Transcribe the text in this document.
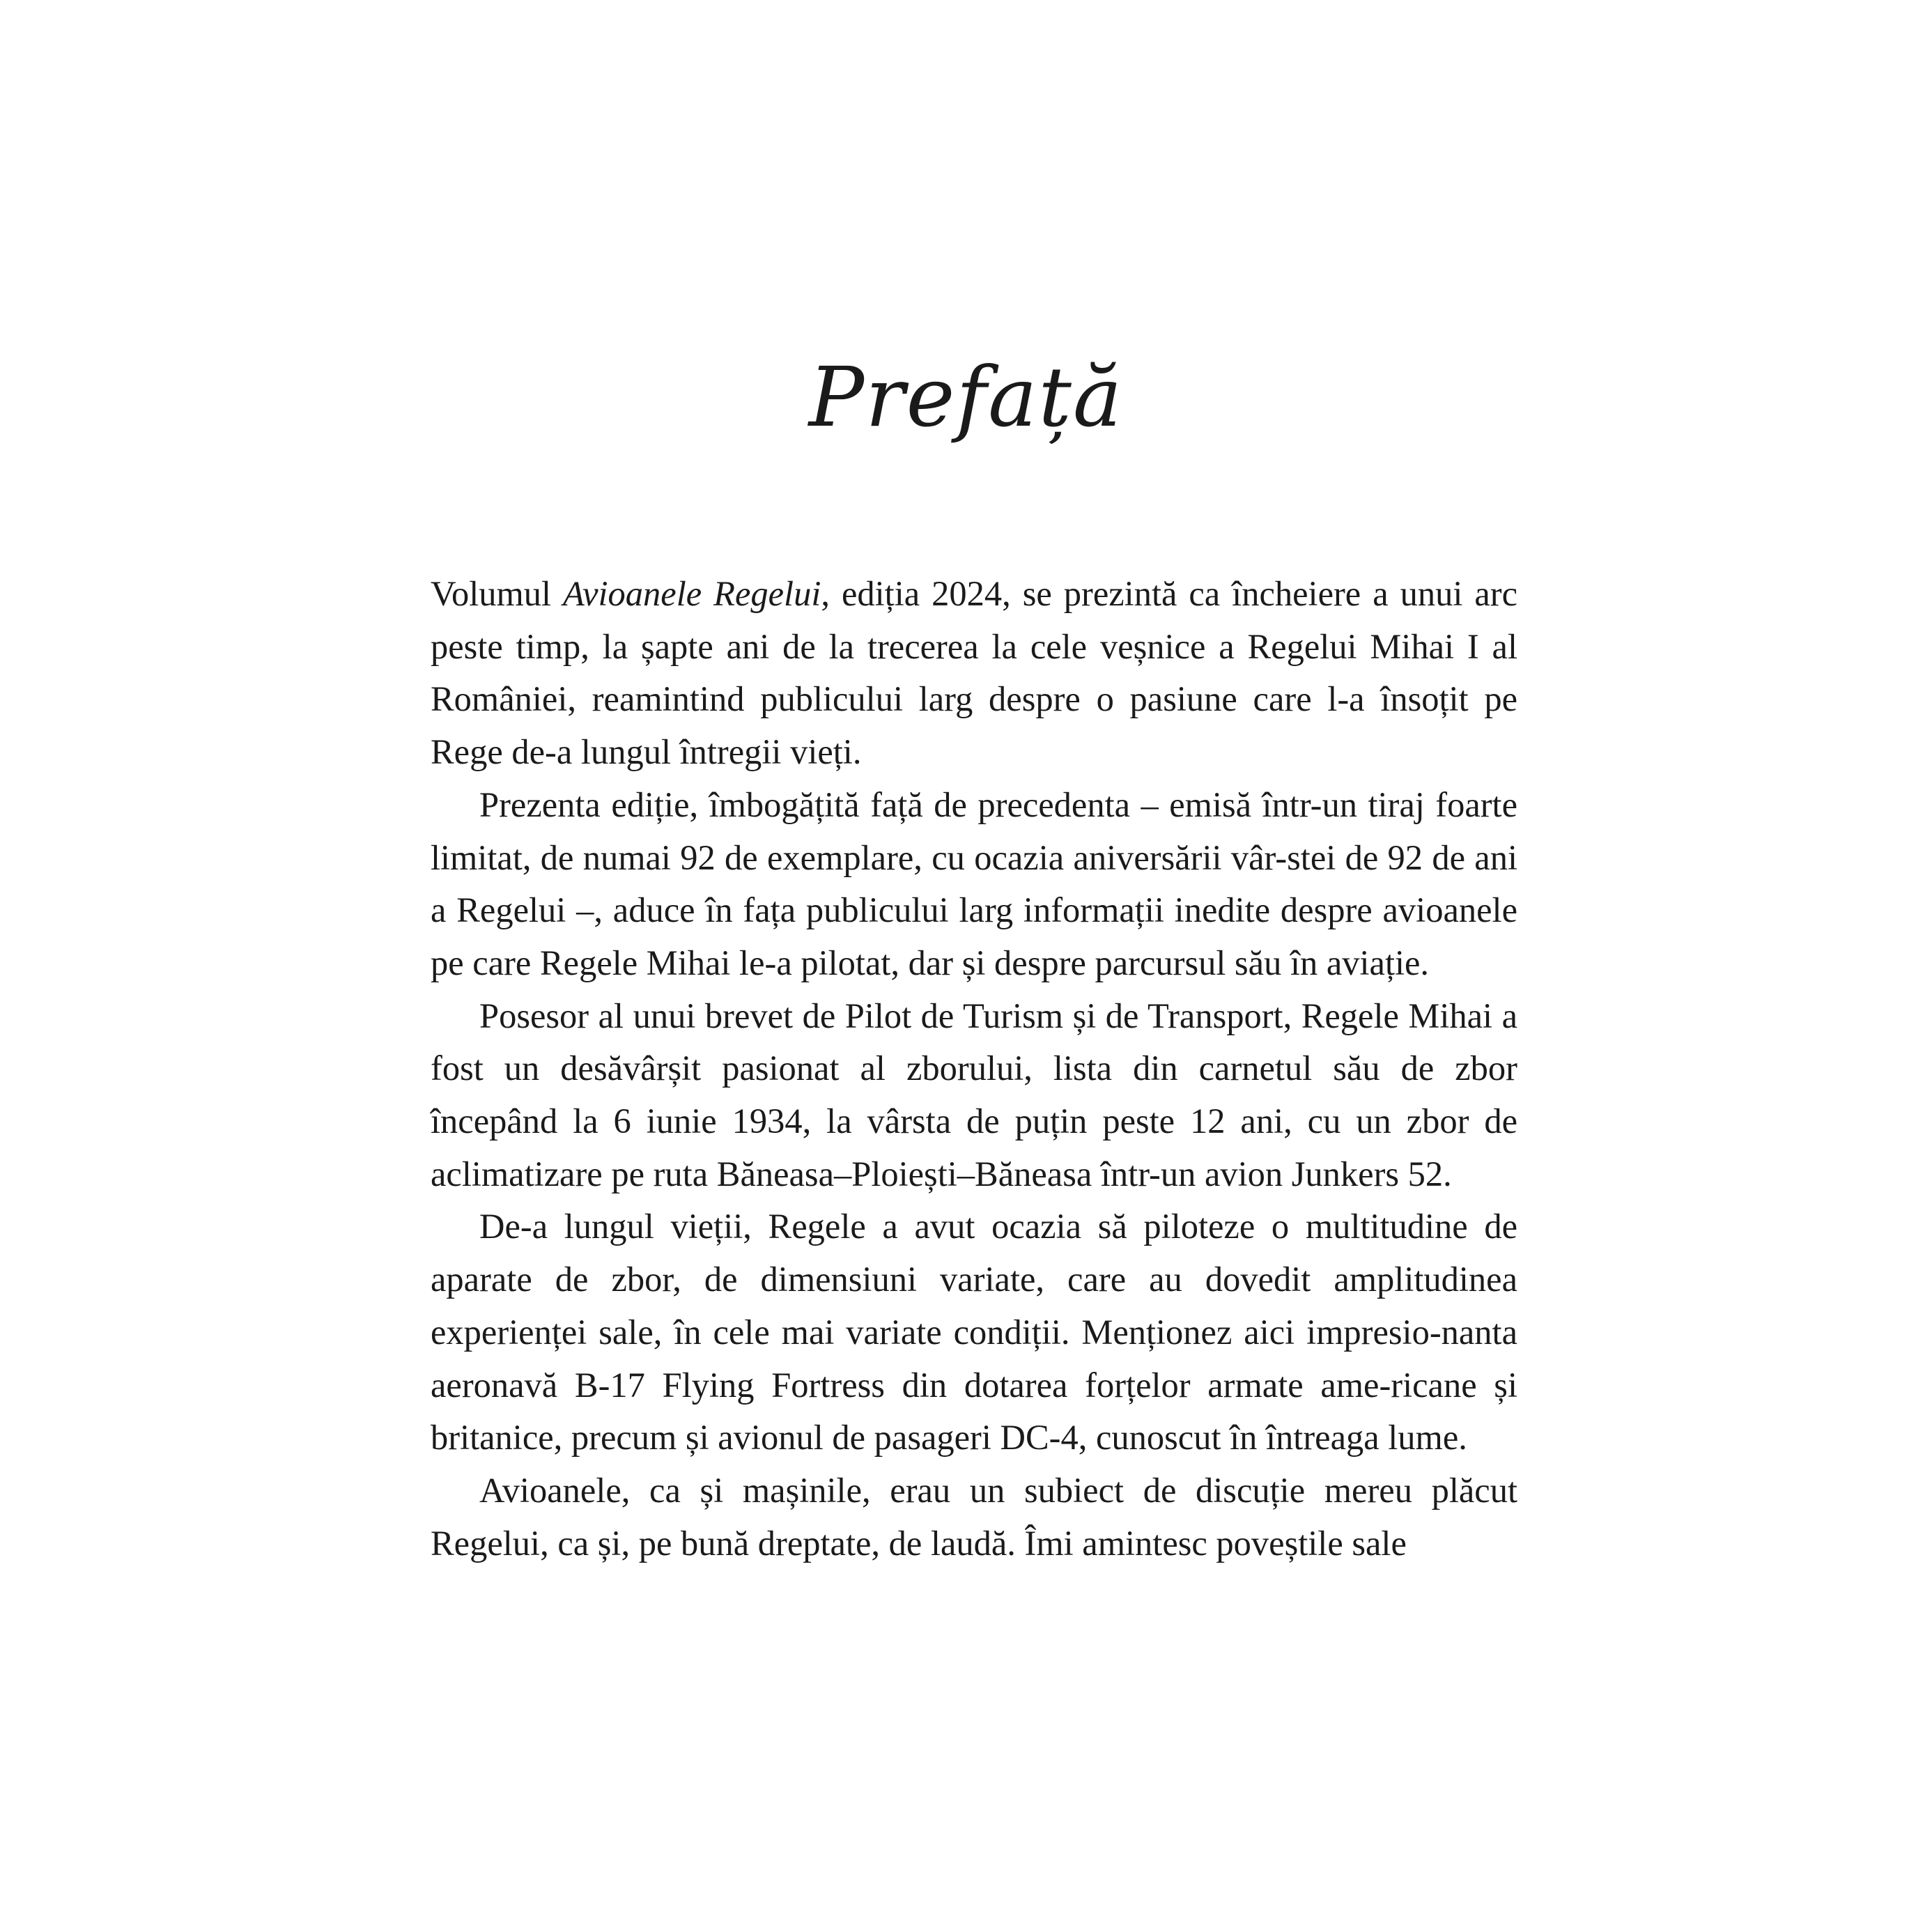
Prefață

Volumul Avioanele Regelui, ediția 2024, se prezintă ca încheiere a unui arc peste timp, la șapte ani de la trecerea la cele veșnice a Regelui Mihai I al României, reamintind publicului larg despre o pasiune care l-a însoțit pe Rege de-a lungul întregii vieți.

Prezenta ediție, îmbogățită față de precedenta – emisă într-un tiraj foarte limitat, de numai 92 de exemplare, cu ocazia aniversării vâr-stei de 92 de ani a Regelui –, aduce în fața publicului larg informații inedite despre avioanele pe care Regele Mihai le-a pilotat, dar și despre parcursul său în aviație.

Posesor al unui brevet de Pilot de Turism și de Transport, Regele Mihai a fost un desăvârșit pasionat al zborului, lista din carnetul său de zbor începând la 6 iunie 1934, la vârsta de puțin peste 12 ani, cu un zbor de aclimatizare pe ruta Băneasa–Ploiești–Băneasa într-un avion Junkers 52.

De-a lungul vieții, Regele a avut ocazia să piloteze o multitudine de aparate de zbor, de dimensiuni variate, care au dovedit amplitudinea experienței sale, în cele mai variate condiții. Menționez aici impresio-nanta aeronavă B-17 Flying Fortress din dotarea forțelor armate ame-ricane și britanice, precum și avionul de pasageri DC-4, cunoscut în întreaga lume.

Avioanele, ca și mașinile, erau un subiect de discuție mereu plăcut Regelui, ca și, pe bună dreptate, de laudă. Îmi amintesc poveștile sale
